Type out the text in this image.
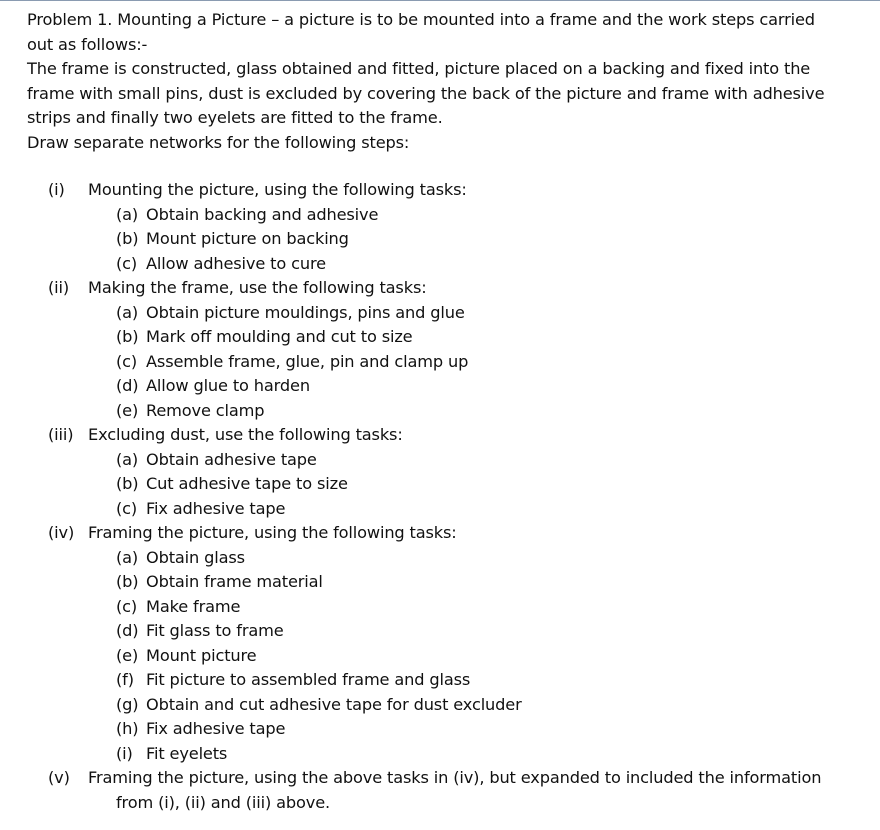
Problem 1. Mounting a Picture – a picture is to be mounted into a frame and the work steps carried

out as follows:-

The frame is constructed, glass obtained and fitted, picture placed on a backing and fixed into the

frame with small pins, dust is excluded by covering the back of the picture and frame with adhesive

strips and finally two eyelets are fitted to the frame.

Draw separate networks for the following steps:

(i) Mounting the picture, using the following tasks:
(a) Obtain backing and adhesive
(b) Mount picture on backing
(c) Allow adhesive to cure
(ii) Making the frame, use the following tasks:
(a) Obtain picture mouldings, pins and glue
(b) Mark off moulding and cut to size
(c) Assemble frame, glue, pin and clamp up
(d) Allow glue to harden
(e) Remove clamp
(iii) Excluding dust, use the following tasks:
(a) Obtain adhesive tape
(b) Cut adhesive tape to size
(c) Fix adhesive tape
(iv) Framing the picture, using the following tasks:
(a) Obtain glass
(b) Obtain frame material
(c) Make frame
(d) Fit glass to frame
(e) Mount picture
(f) Fit picture to assembled frame and glass
(g) Obtain and cut adhesive tape for dust excluder
(h) Fix adhesive tape
(i) Fit eyelets
(v) Framing the picture, using the above tasks in (iv), but expanded to included the information
from (i), (ii) and (iii) above.
